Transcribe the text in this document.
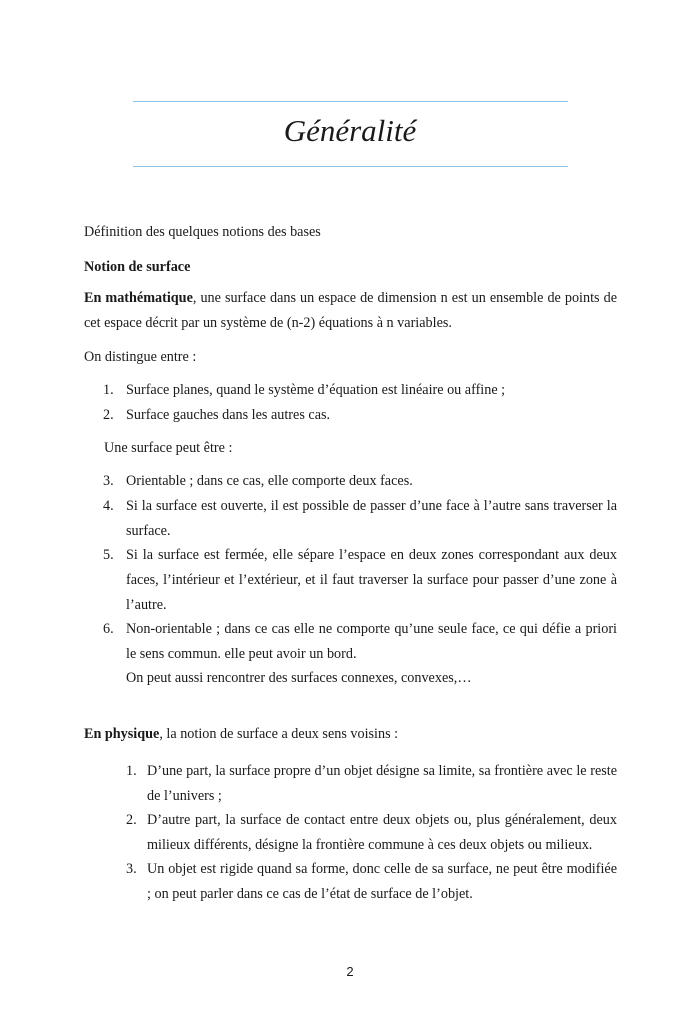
Généralité

Définition des quelques notions des bases

Notion de surface

En mathématique, une surface dans un espace de dimension n est un ensemble de points de cet espace décrit par un système de (n-2) équations à n variables.

On distingue entre :

1. Surface planes, quand le système d’équation est linéaire ou affine ;
2. Surface gauches dans les autres cas.

Une surface peut être :

3. Orientable ; dans ce cas, elle comporte deux faces.
4. Si la surface est ouverte, il est possible de passer d’une face à l’autre sans traverser la surface.
5. Si la surface est fermée, elle sépare l’espace en deux zones correspondant aux deux faces, l’intérieur et l’extérieur, et il faut traverser la surface pour passer d’une zone à l’autre.
6. Non-orientable ; dans ce cas elle ne comporte qu’une seule face, ce qui défie a priori le sens commun. elle peut avoir un bord.

On peut aussi rencontrer des surfaces connexes, convexes,…

En physique, la notion de surface a deux sens voisins :

1. D’une part, la surface propre d’un objet désigne sa limite, sa frontière avec le reste de l’univers ;
2. D’autre part, la surface de contact entre deux objets ou, plus généralement, deux milieux différents, désigne la frontière commune à ces deux objets ou milieux.
3. Un objet est rigide quand sa forme, donc celle de sa surface, ne peut être modifiée ; on peut parler dans ce cas de l’état de surface de l’objet.
2
